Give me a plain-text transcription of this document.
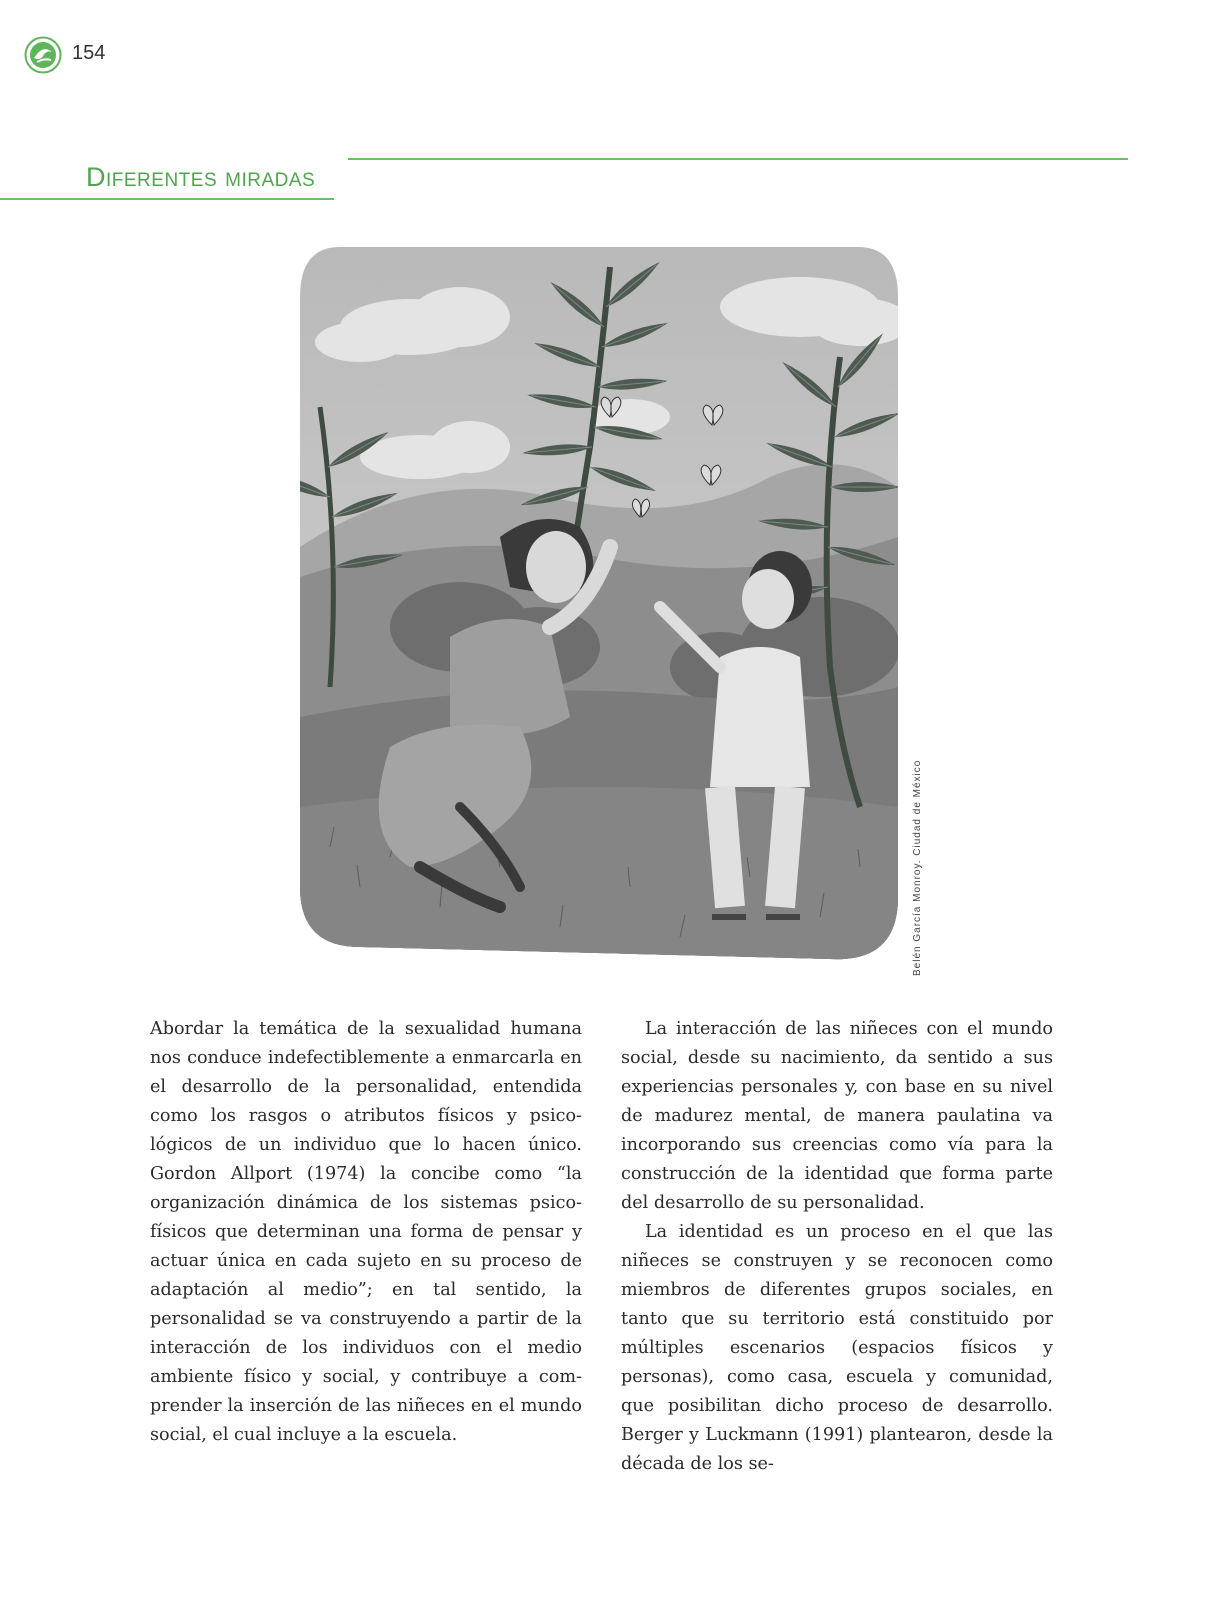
154
Diferentes miradas
Belén García Monroy. Ciudad de México

Abordar la temática de la sexualidad humana nos conduce indefectiblemente a enmarcarla en el desarrollo de la personalidad, entendida como los rasgos o atributos físicos y psicológicos de un individuo que lo hacen único. Gordon Allport (1974) la concibe como “la organización dinámica de los sistemas psicofísicos que determinan una forma de pensar y actuar única en cada sujeto en su proceso de adaptación al medio”; en tal sentido, la personalidad se va construyendo a partir de la interacción de los individuos con el medio ambiente físico y social, y contribuye a comprender la inserción de las niñeces en el mundo social, el cual incluye a la escuela.

La interacción de las niñeces con el mundo social, desde su nacimiento, da sentido a sus experiencias personales y, con base en su nivel de madurez mental, de manera paulatina va incorporando sus creencias como vía para la construcción de la identidad que forma parte del desarrollo de su personalidad.

La identidad es un proceso en el que las niñeces se construyen y se reconocen como miembros de diferentes grupos sociales, en tanto que su territorio está constituido por múltiples escenarios (espacios físicos y personas), como casa, escuela y comunidad, que posibilitan dicho proceso de desarrollo. Berger y Luckmann (1991) plantearon, desde la década de los se-
